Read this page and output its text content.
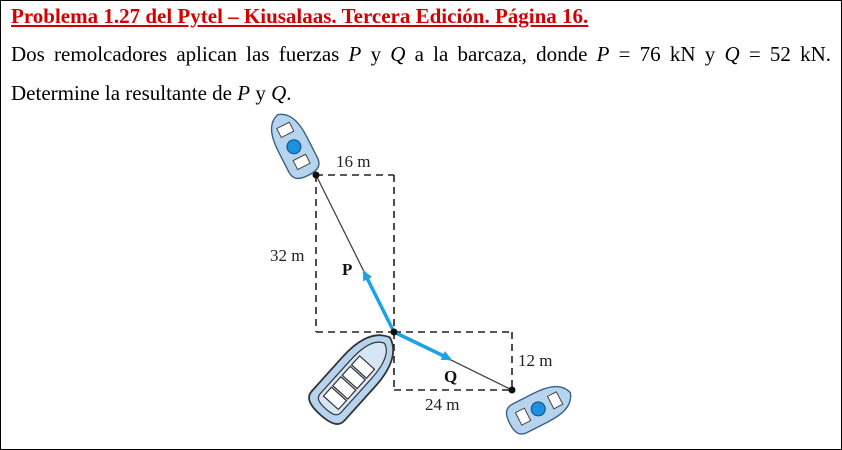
Problema 1.27 del Pytel – Kiusalaas. Tercera Edición. Página 16.
Dos remolcadores aplican las fuerzas P y Q a la barcaza, donde P = 76 kN y Q = 52 kN.
Determine la resultante de P y Q.
16 m
32 m
12 m
24 m
P
Q
